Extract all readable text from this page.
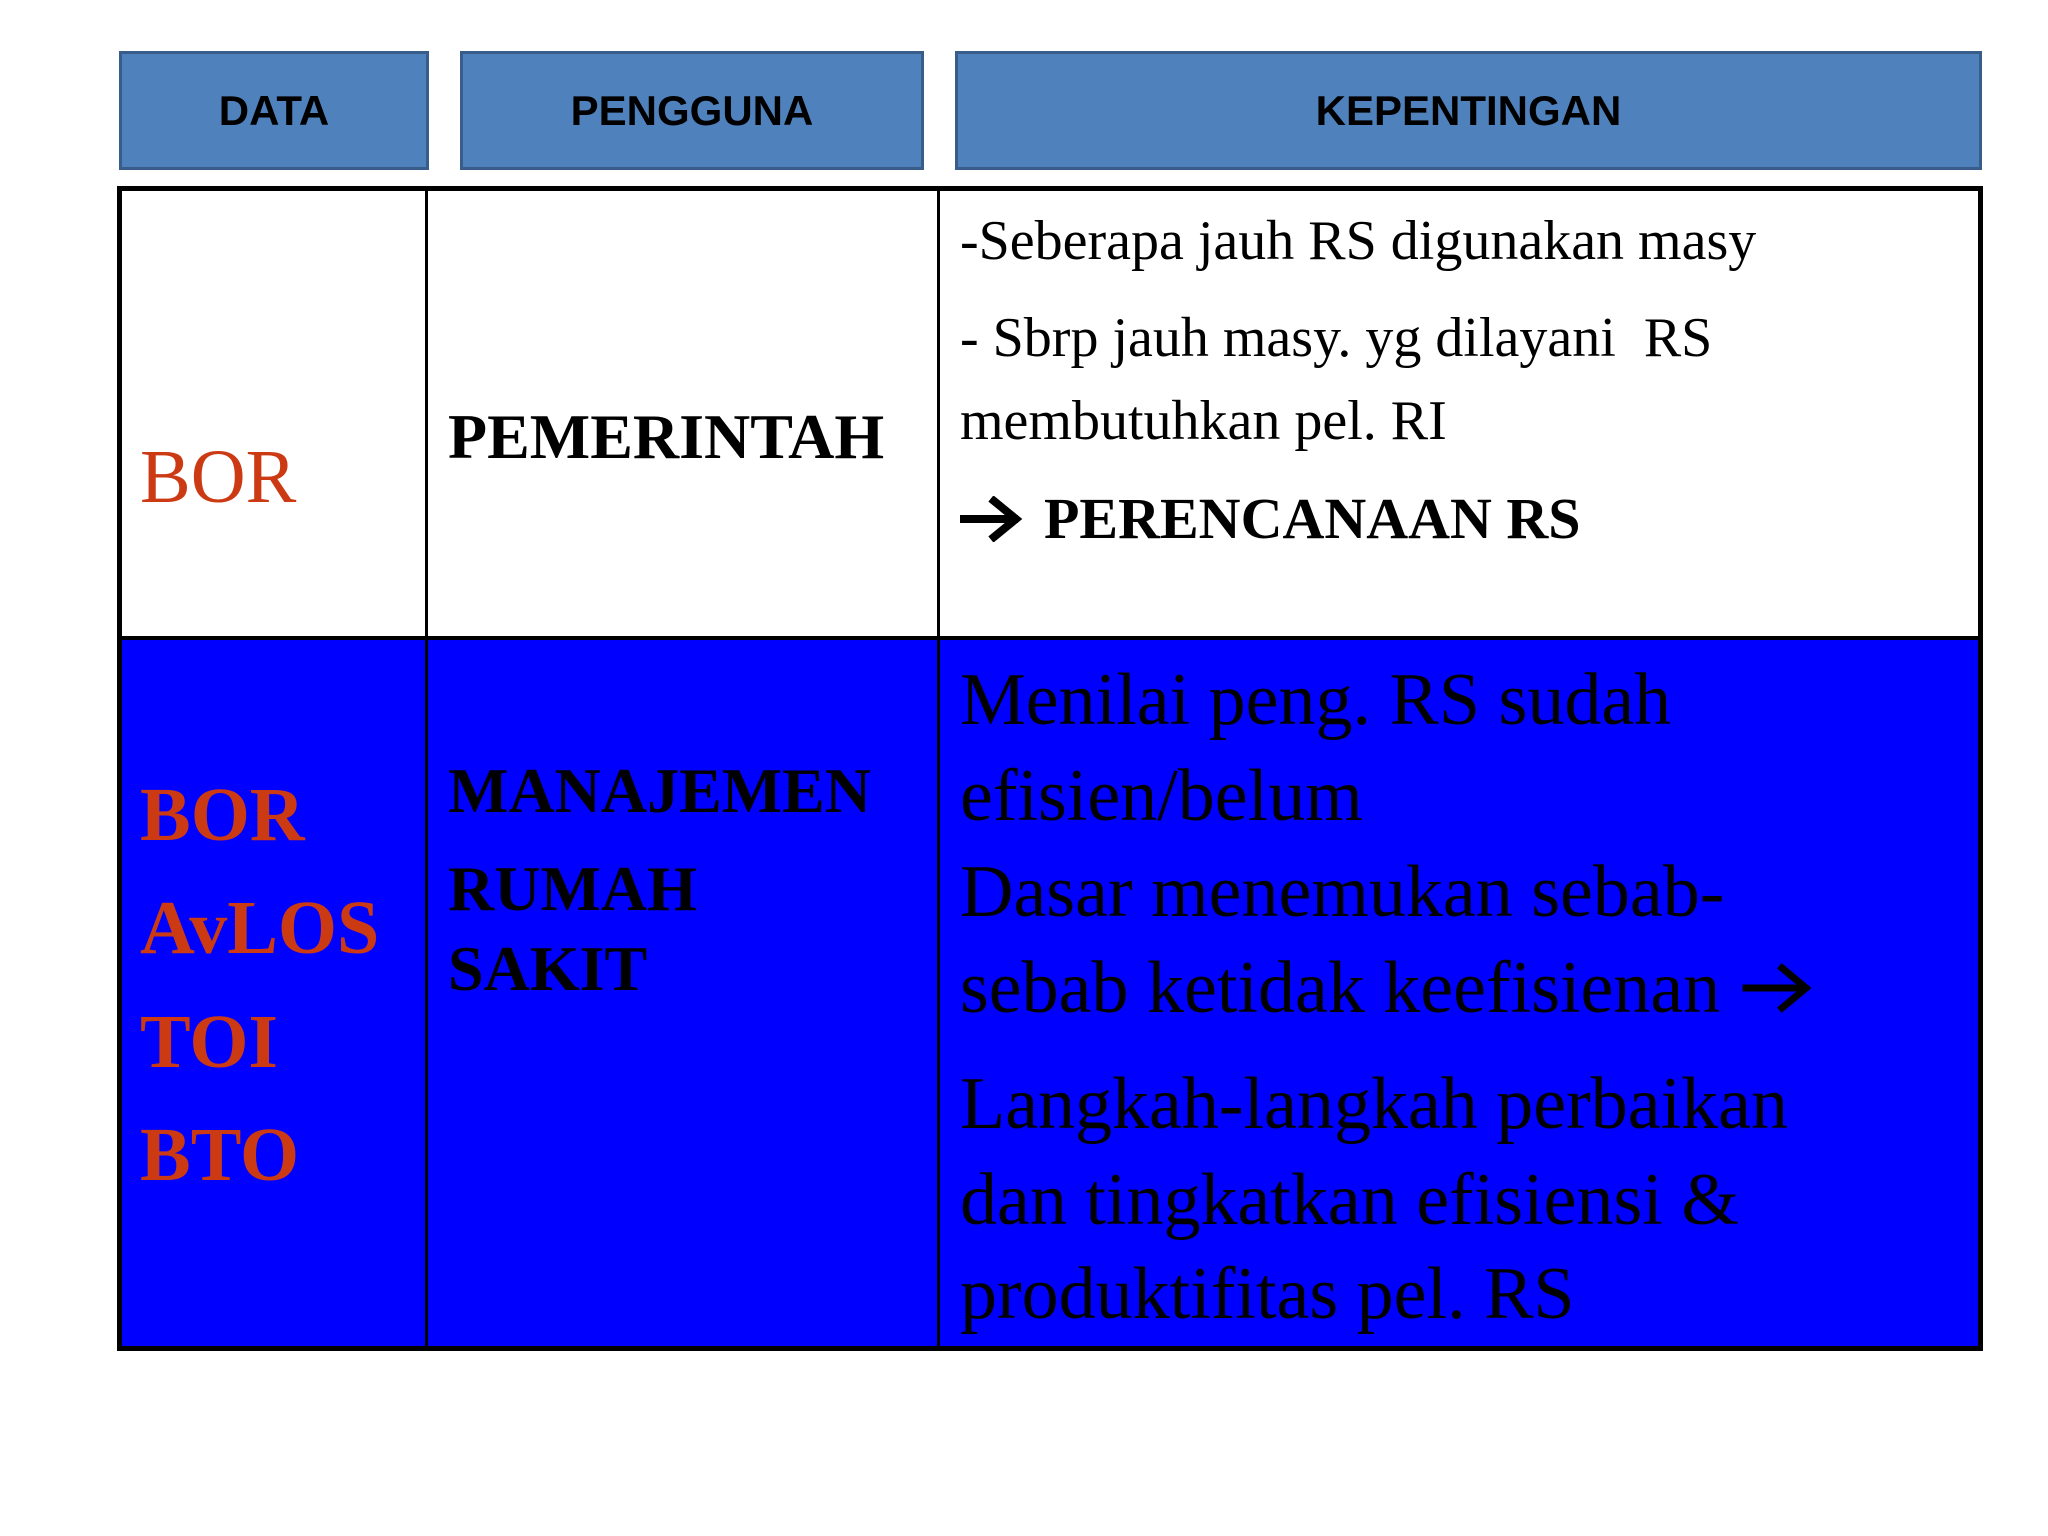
DATA	PENGGUNA	KEPENTINGAN

BOR PEMERINTAH

-Seberapa jauh RS digunakan masy

- Sbrp jauh masy. yg dilayani  RS

membutuhkan pel. RI

PERENCANAAN RS

BOR

AvLOS

TOI

BTO

MANAJEMEN

RUMAH

SAKIT

Menilai peng. RS sudah

efisien/belum

Dasar menemukan sebab-

sebab ketidak keefisienan

Langkah-langkah perbaikan

dan tingkatkan efisiensi &

produktifitas pel. RS
